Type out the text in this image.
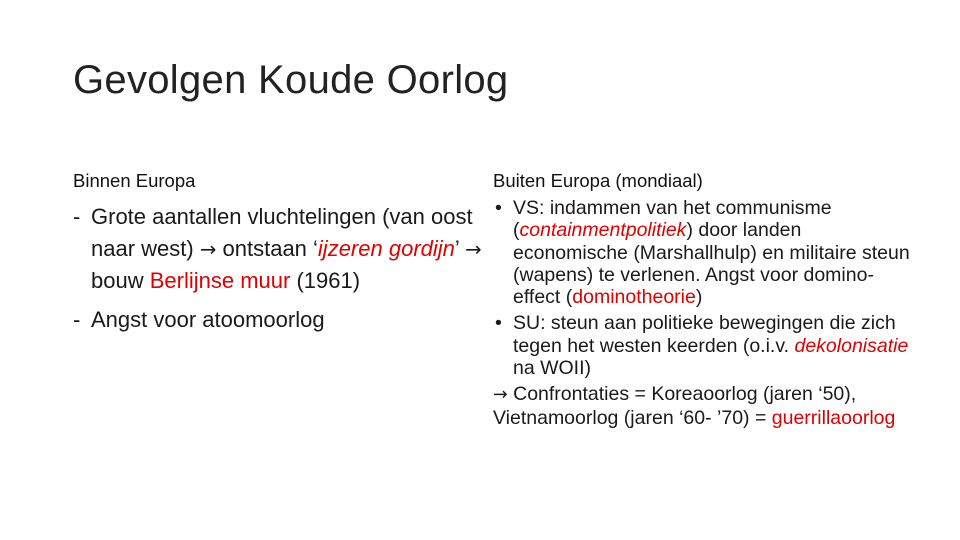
Gevolgen Koude Oorlog
Binnen Europa	Buiten Europa (mondiaal)
- Grote aantallen vluchtelingen (van oost naar west) → ontstaan ‘ijzeren gordijn’ → bouw Berlijnse muur (1961)
- Angst voor atoomoorlog
• VS: indammen van het communisme (containmentpolitiek) door landen economische (Marshallhulp) en militaire steun (wapens) te verlenen. Angst voor domino-effect (dominotheorie)
• SU: steun aan politieke bewegingen die zich tegen het westen keerden (o.i.v. dekolonisatie na WOII)
→ Confrontaties = Koreaoorlog (jaren ‘50), Vietnamoorlog (jaren ‘60- ’70) = guerrillaoorlog
